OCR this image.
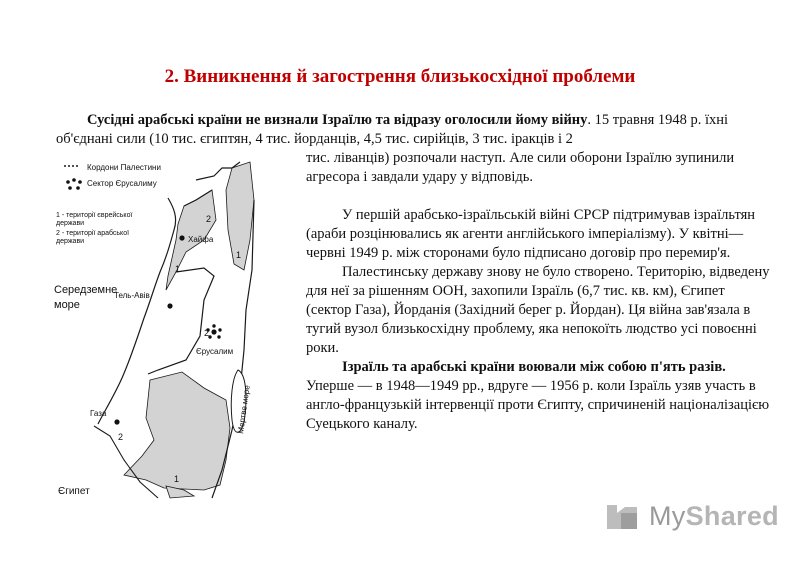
2. Виникнення й загострення близькосхідної проблеми

Сусідні арабські країни не визнали Ізраїлю та відразу оголосили йому війну. 15 травня 1948 р. їхні об'єднані сили (10 тис. єгиптян, 4 тис. йорданців, 4,5 тис. сирійців, 3 тис. іракців і 2

Кордони Палестини
Сектор Єрусалиму
1 - території єврейської
держави
2 - території арабської
держави
Мертве море
Хайфа
Тель-Авів
Єрусалим
Газа
2
1
1
2
2
1
Середземне
море
Єгипет

тис. ліванців) розпочали наступ. Але сили оборони Ізраїлю зупинили агресора і завдали удару у відповідь.

У першій арабсько-ізраїльській війні СРСР підтримував ізраїльтян (араби розцінювались як агенти англійського імперіалізму). У квітні—червні 1949 р. між сторонами було підписано договір про перемир'я.

Палестинську державу знову не було створено. Територію, відведену для неї за рішенням ООН, захопили Ізраїль (6,7 тис. кв. км), Єгипет (сектор Газа), Йорданія (Західний берег р. Йордан). Ця війна зав'язала в тугий вузол близькосхідну проблему, яка непокоїть людство усі повоєнні роки.

Ізраїль та арабські країни воювали між собою п'ять разів. Уперше — в 1948—1949 рр., вдруге — 1956 р. коли Ізраїль узяв участь в англо-французькій інтервенції проти Єгипту, спричиненій націоналізацією Суецького каналу.

MyShared
